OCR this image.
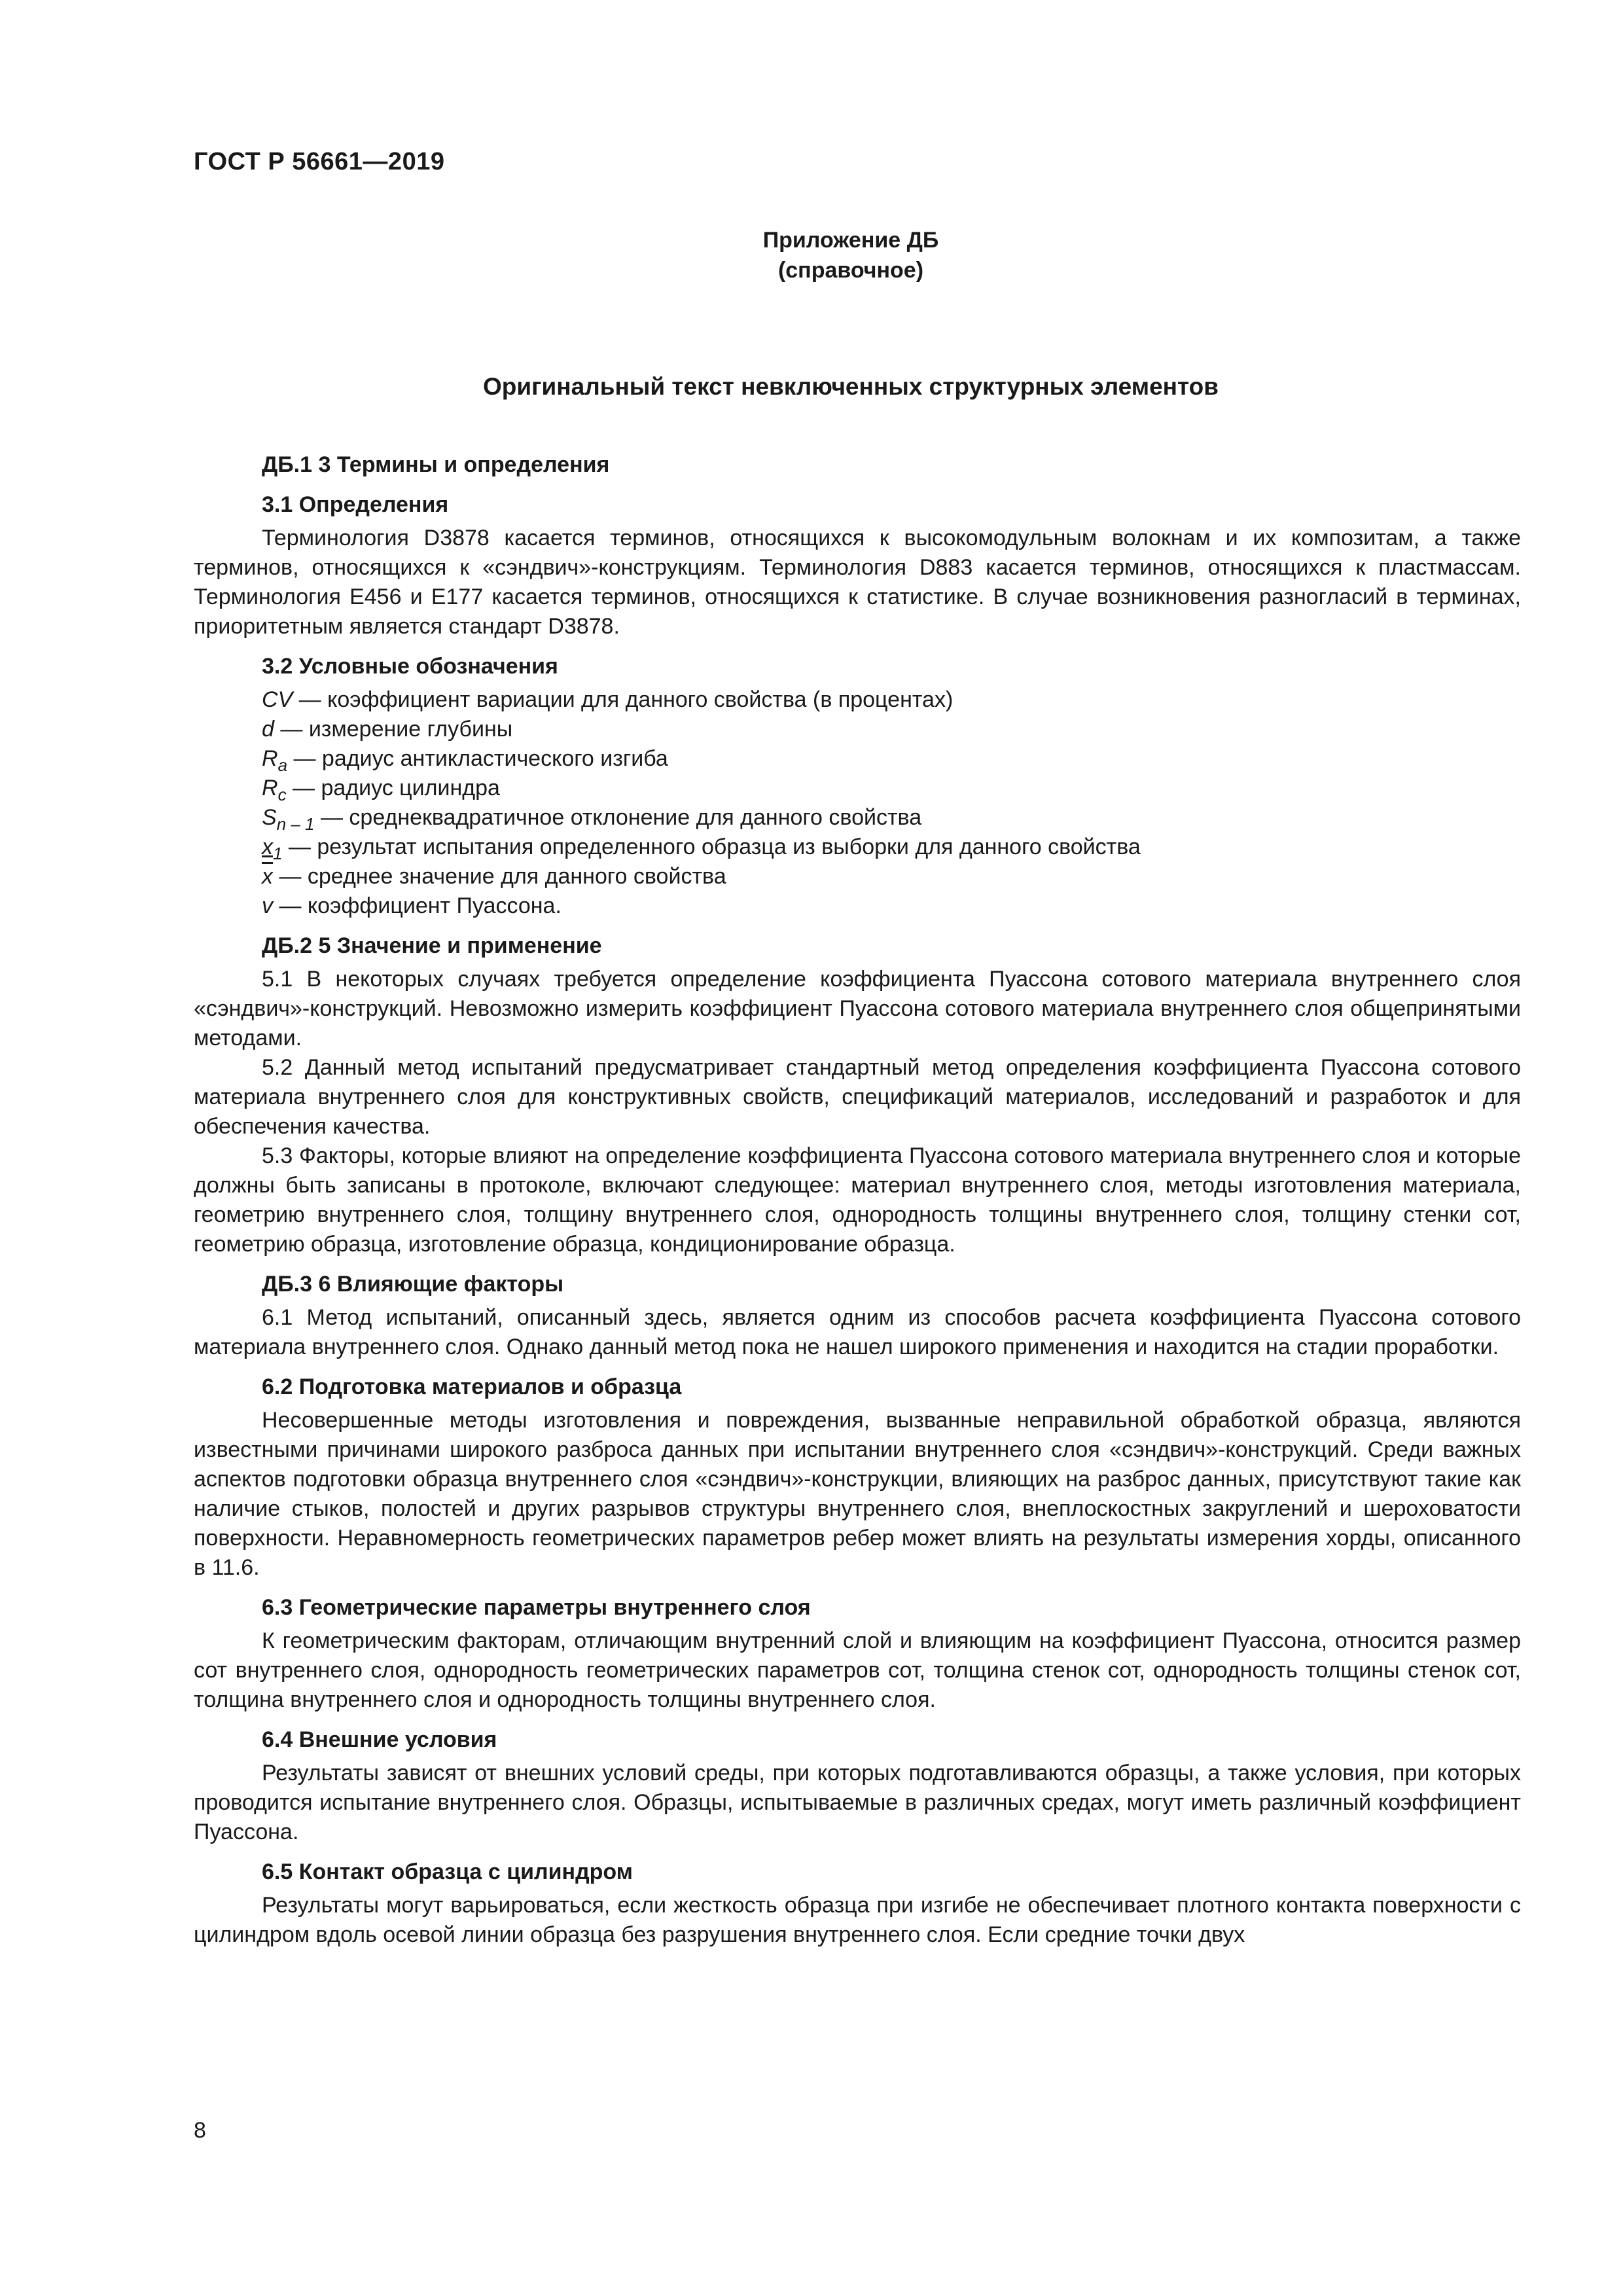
ГОСТ Р 56661—2019
Приложение ДБ
(справочное)
Оригинальный текст невключенных структурных элементов
ДБ.1 3 Термины и определения
3.1 Определения

Терминология D3878 касается терминов, относящихся к высокомодульным волокнам и их композитам, а также терминов, относящихся к «сэндвич»-конструкциям. Терминология D883 касается терминов, относящихся к пластмассам. Терминология Е456 и Е177 касается терминов, относящихся к статистике. В случае возникновения разногласий в терминах, приоритетным является стандарт D3878.

3.2 Условные обозначения

CV — коэффициент вариации для данного свойства (в процентах)

d — измерение глубины

$R_a$ — радиус антикластического изгиба

$R_c$ — радиус цилиндра

$S_{n - 1}$ — среднеквадратичное отклонение для данного свойства

$x_1$ — результат испытания определенного образца из выборки для данного свойства

$\overline{x}$ — среднее значение для данного свойства

v — коэффициент Пуассона.

ДБ.2 5 Значение и применение

5.1 В некоторых случаях требуется определение коэффициента Пуассона сотового материала внутреннего слоя «сэндвич»-конструкций. Невозможно измерить коэффициент Пуассона сотового материала внутреннего слоя общепринятыми методами.

5.2 Данный метод испытаний предусматривает стандартный метод определения коэффициента Пуассона сотового материала внутреннего слоя для конструктивных свойств, спецификаций материалов, исследований и разработок и для обеспечения качества.

5.3 Факторы, которые влияют на определение коэффициента Пуассона сотового материала внутреннего слоя и которые должны быть записаны в протоколе, включают следующее: материал внутреннего слоя, методы изготовления материала, геометрию внутреннего слоя, толщину внутреннего слоя, однородность толщины внутреннего слоя, толщину стенки сот, геометрию образца, изготовление образца, кондиционирование образца.

ДБ.3 6 Влияющие факторы

6.1 Метод испытаний, описанный здесь, является одним из способов расчета коэффициента Пуассона сотового материала внутреннего слоя. Однако данный метод пока не нашел широкого применения и находится на стадии проработки.

6.2 Подготовка материалов и образца

Несовершенные методы изготовления и повреждения, вызванные неправильной обработкой образца, являются известными причинами широкого разброса данных при испытании внутреннего слоя «сэндвич»-конструкций. Среди важных аспектов подготовки образца внутреннего слоя «сэндвич»-конструкции, влияющих на разброс данных, присутствуют такие как наличие стыков, полостей и других разрывов структуры внутреннего слоя, внеплоскостных закруглений и шероховатости поверхности. Неравномерность геометрических параметров ребер может влиять на результаты измерения хорды, описанного в 11.6.

6.3 Геометрические параметры внутреннего слоя

К геометрическим факторам, отличающим внутренний слой и влияющим на коэффициент Пуассона, относится размер сот внутреннего слоя, однородность геометрических параметров сот, толщина стенок сот, однородность толщины стенок сот, толщина внутреннего слоя и однородность толщины внутреннего слоя.

6.4 Внешние условия

Результаты зависят от внешних условий среды, при которых подготавливаются образцы, а также условия, при которых проводится испытание внутреннего слоя. Образцы, испытываемые в различных средах, могут иметь различный коэффициент Пуассона.

6.5 Контакт образца с цилиндром

Результаты могут варьироваться, если жесткость образца при изгибе не обеспечивает плотного контакта поверхности с цилиндром вдоль осевой линии образца без разрушения внутреннего слоя. Если средние точки двух

8
